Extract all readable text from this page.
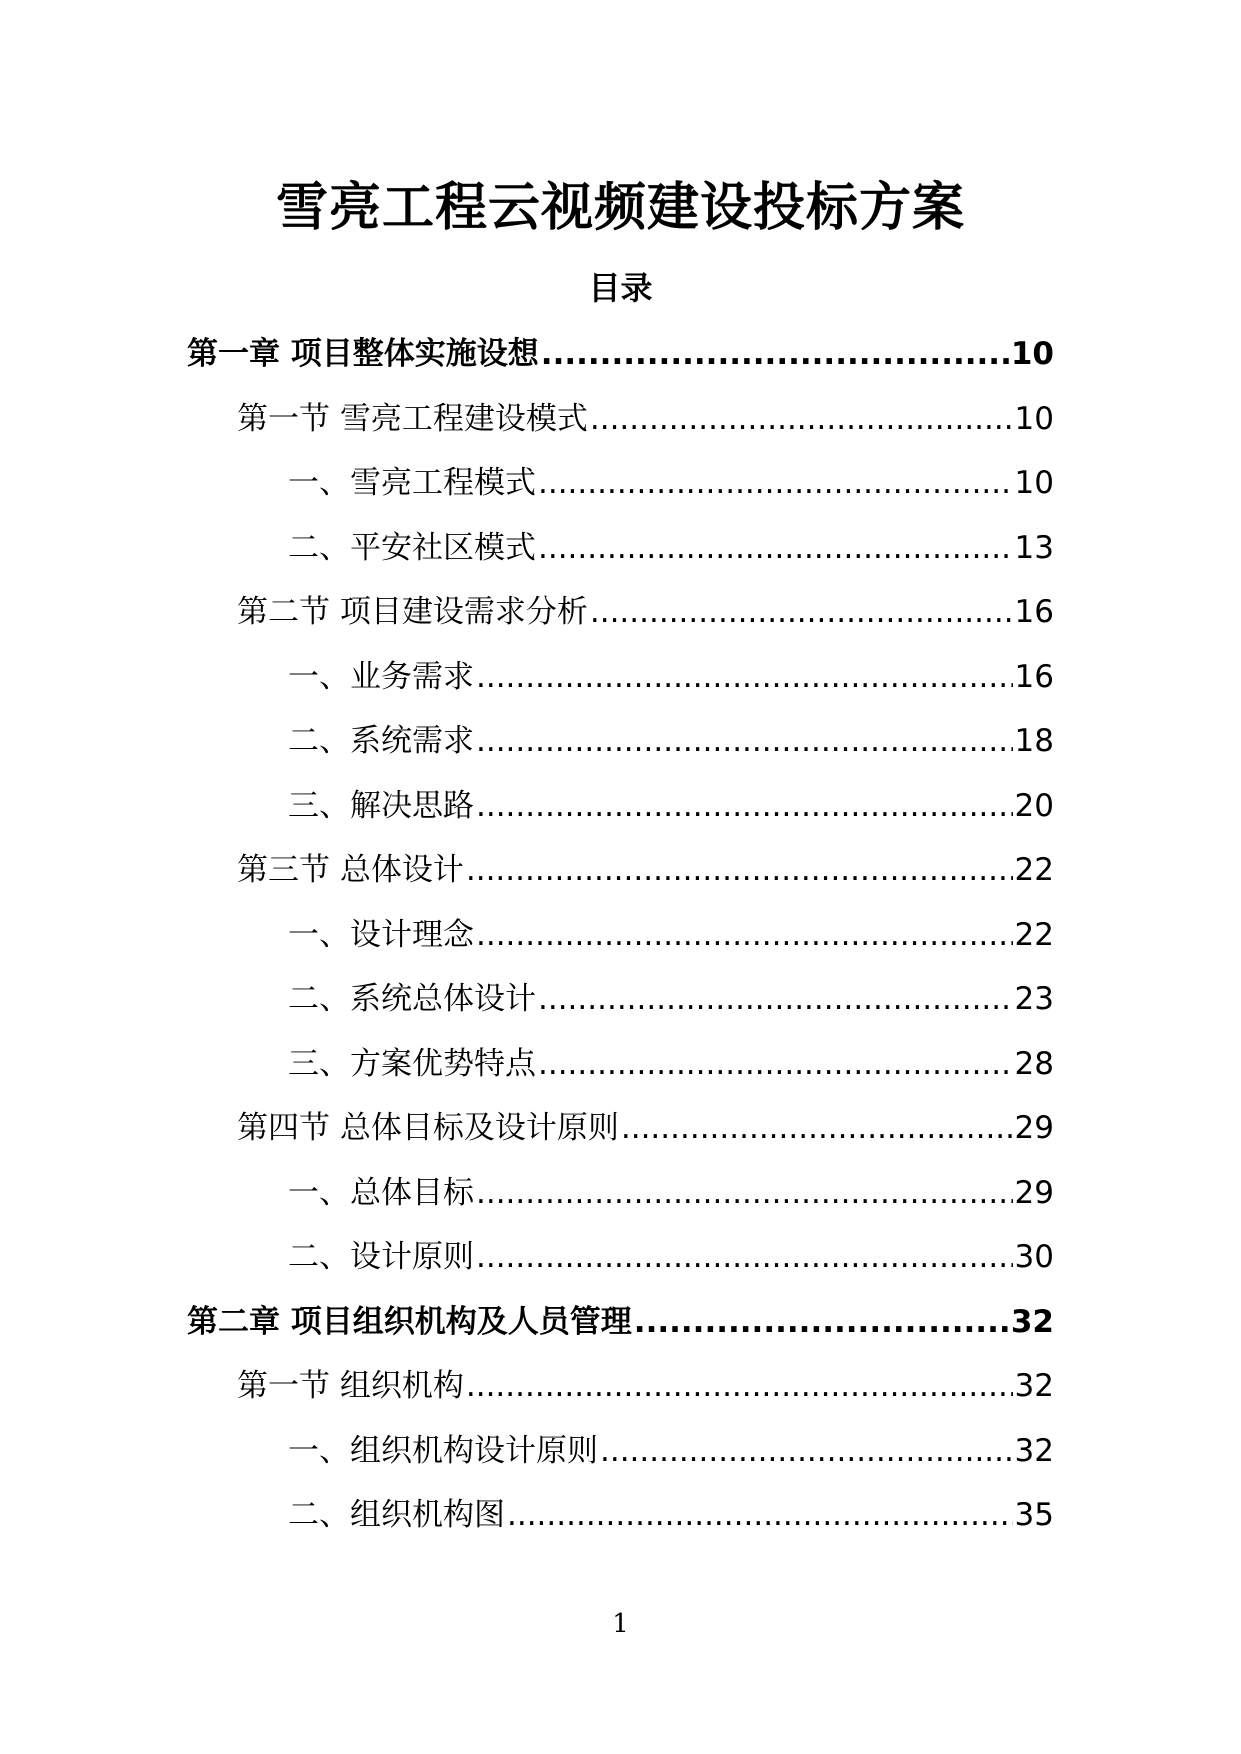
雪亮工程云视频建设投标方案
目录
第一章 项目整体实施设想 .....	10
第一节 雪亮工程建设模式 .....	10
一、雪亮工程模式 .....	10
二、平安社区模式 .....	13
第二节 项目建设需求分析 .....	16
一、业务需求 .....	16
二、系统需求 .....	18
三、解决思路 .....	20
第三节 总体设计 .....	22
一、设计理念 .....	22
二、系统总体设计 .....	23
三、方案优势特点 .....	28
第四节 总体目标及设计原则 .....	29
一、总体目标 .....	29
二、设计原则 .....	30
第二章 项目组织机构及人员管理 .....	32
第一节 组织机构 .....	32
一、组织机构设计原则 .....	32
二、组织机构图 .....	35
1
